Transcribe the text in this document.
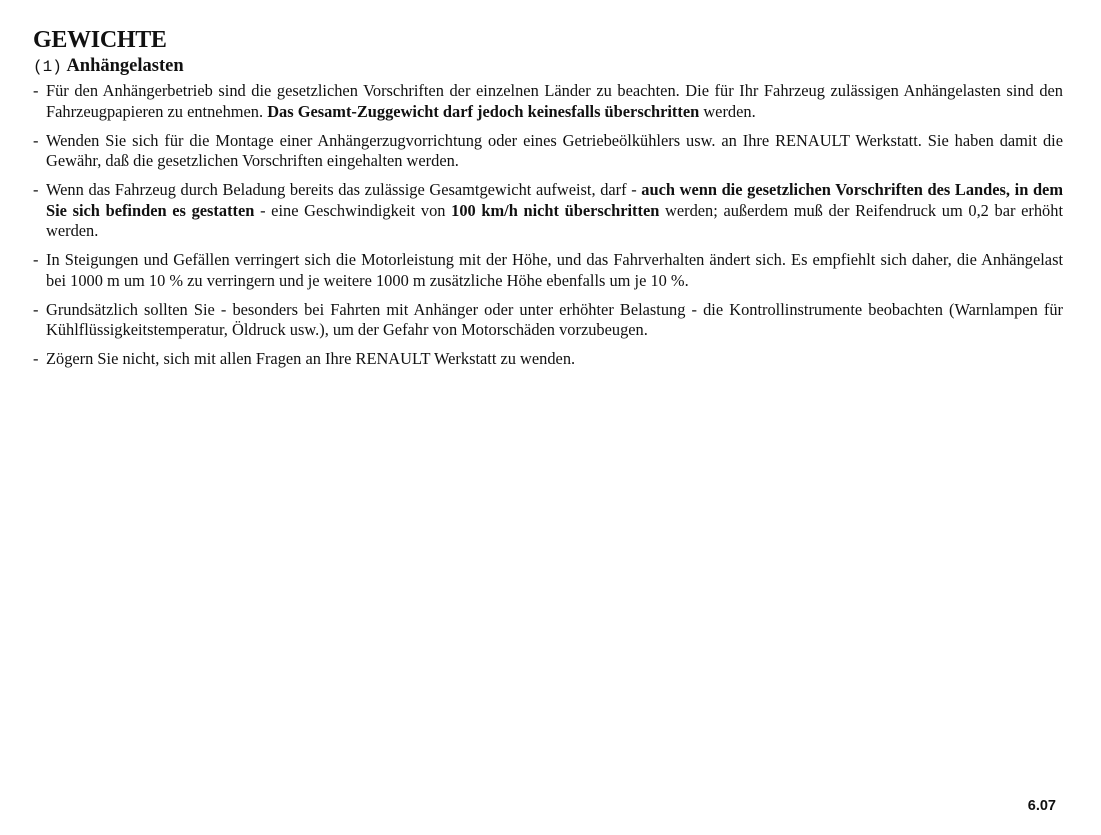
GEWICHTE
(1) Anhängelasten
- Für den Anhängerbetrieb sind die gesetzlichen Vorschriften der einzelnen Länder zu beachten. Die für Ihr Fahrzeug zulässigen Anhängelasten sind den Fahrzeugpapieren zu entnehmen. Das Gesamt-Zuggewicht darf jedoch keinesfalls überschritten werden.
- Wenden Sie sich für die Montage einer Anhängerzugvorrichtung oder eines Getriebeölkühlers usw. an Ihre RENAULT Werkstatt. Sie haben damit die Gewähr, daß die gesetzlichen Vorschriften eingehalten werden.
- Wenn das Fahrzeug durch Beladung bereits das zulässige Gesamtgewicht aufweist, darf - auch wenn die gesetzlichen Vorschriften des Landes, in dem Sie sich befinden es gestatten - eine Geschwindigkeit von 100 km/h nicht überschritten werden; außerdem muß der Reifendruck um 0,2 bar erhöht werden.
- In Steigungen und Gefällen verringert sich die Motorleistung mit der Höhe, und das Fahrverhalten ändert sich. Es empfiehlt sich daher, die Anhängelast bei 1000 m um 10 % zu verringern und je weitere 1000 m zusätzliche Höhe ebenfalls um je 10 %.
- Grundsätzlich sollten Sie - besonders bei Fahrten mit Anhänger oder unter erhöhter Belastung - die Kontrollinstrumente beobachten (Warnlampen für Kühlflüssigkeitstemperatur, Öldruck usw.), um der Gefahr von Motorschäden vorzubeugen.
- Zögern Sie nicht, sich mit allen Fragen an Ihre RENAULT Werkstatt zu wenden.
6.07
